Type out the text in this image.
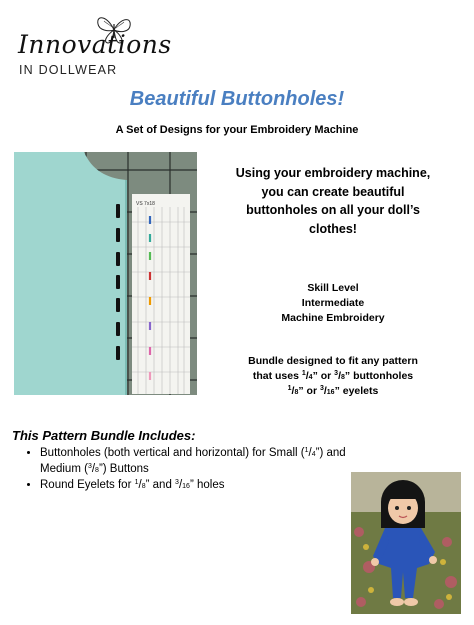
Innovations
IN DOLLWEAR
Beautiful Buttonholes!
A Set of Designs for your Embroidery Machine
VS 7x18
Using your embroidery machine,
you can create beautiful
buttonholes on all your doll’s
clothes!
Skill Level
Intermediate
Machine Embroidery
Bundle designed to fit any pattern
that uses $^1$/4” or $^3$/8” buttonholes
$^1$/8” or $^3$/16” eyelets
This Pattern Bundle Includes:
• Buttonholes (both vertical and horizontal) for Small ($^1$/4”) and Medium ($^3$/8”) Buttons
• Round Eyelets for $^1$/8” and $^3$/16” holes
